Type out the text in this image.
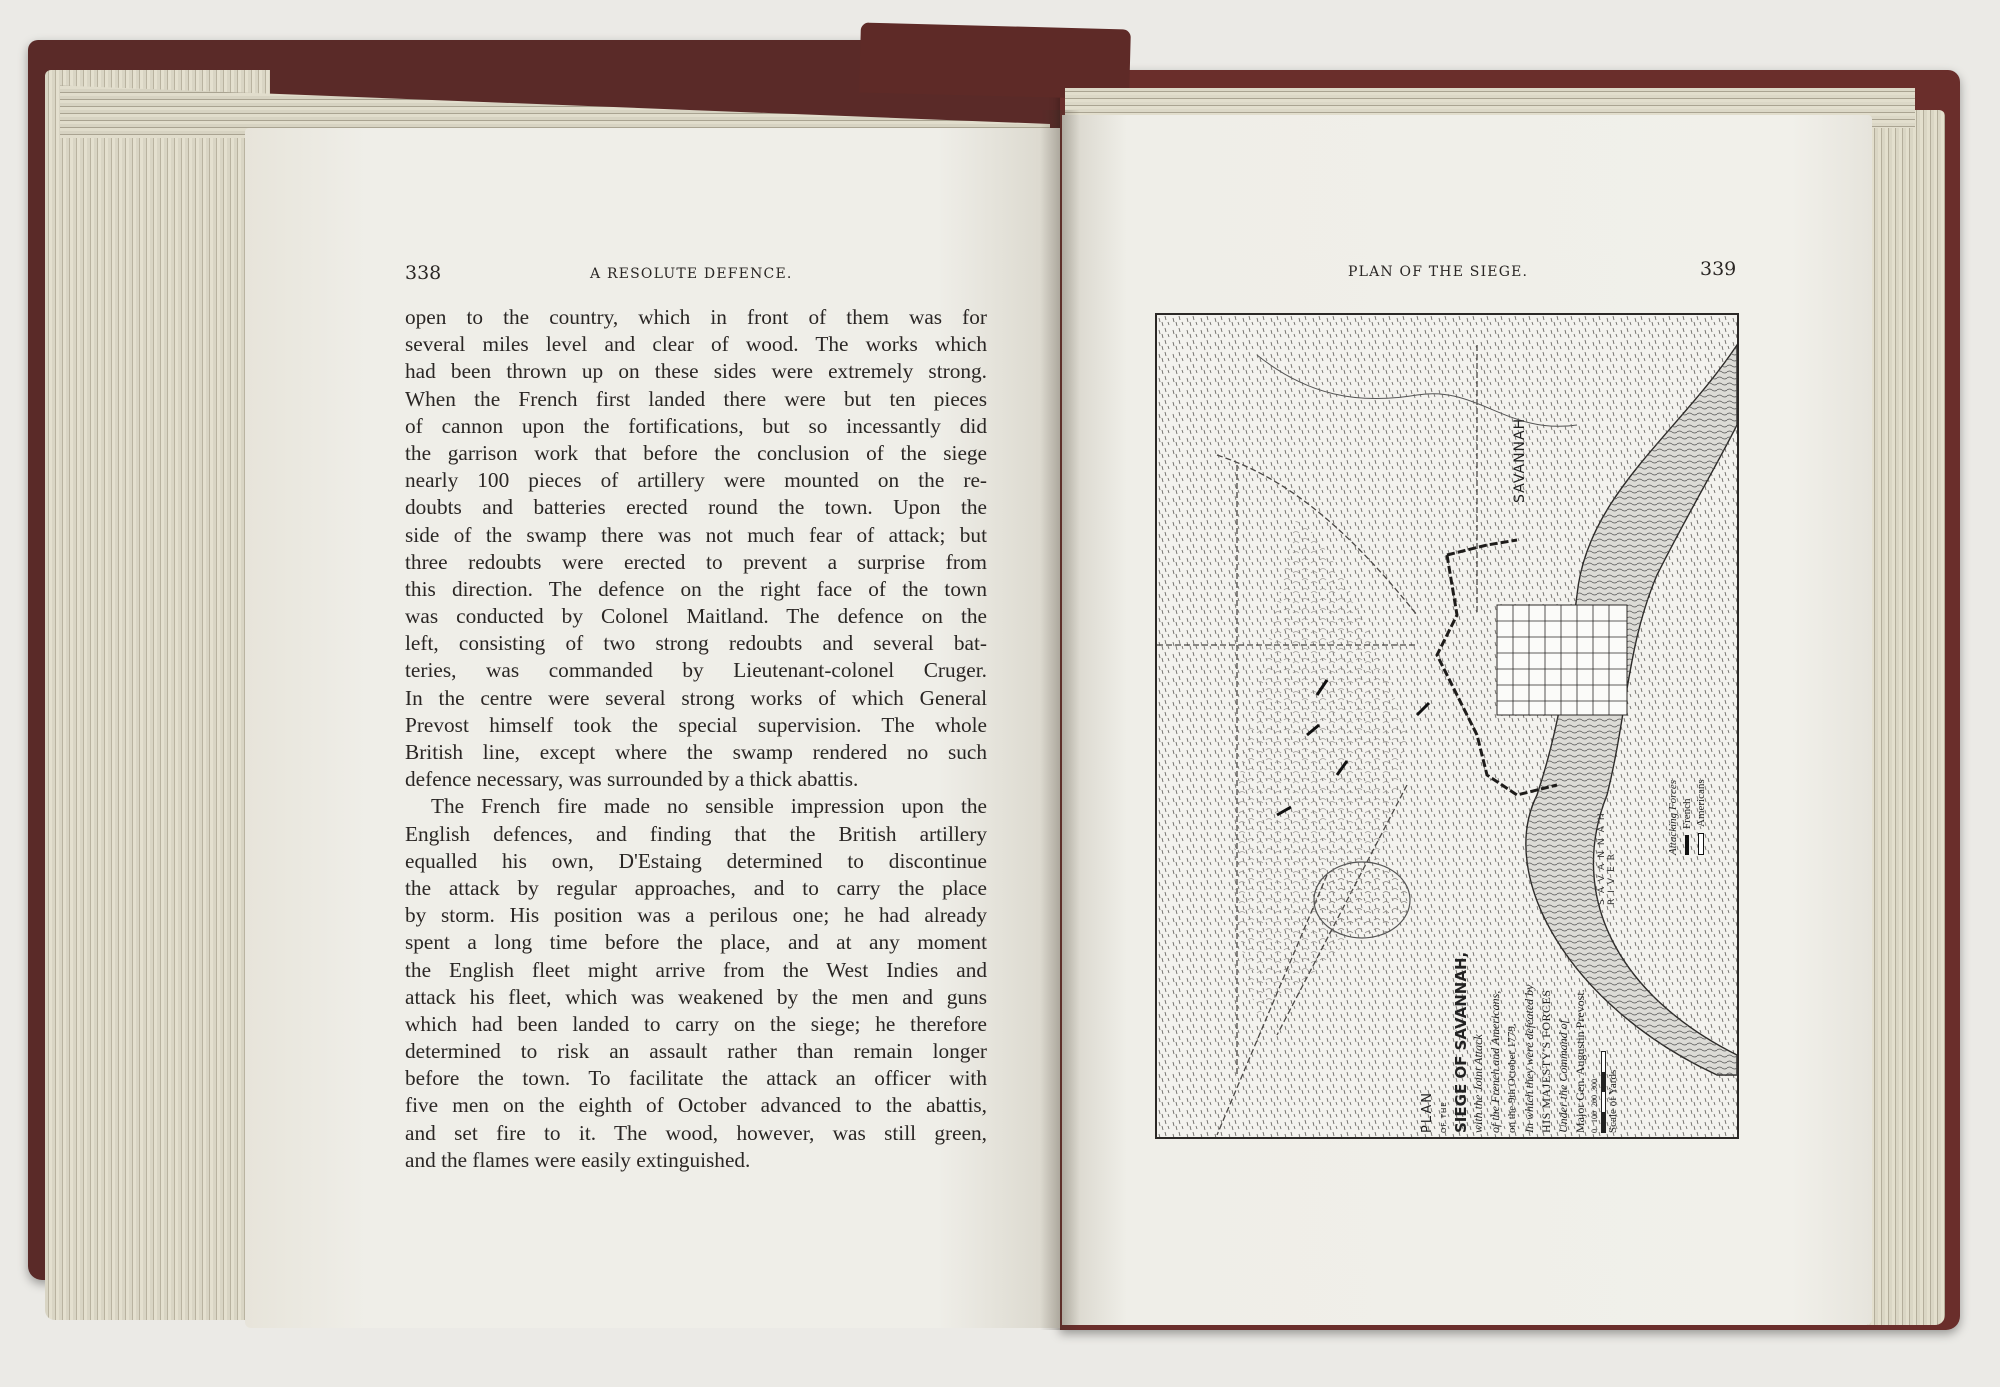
338	A RESOLUTE DEFENCE.
open to the country, which in front of them was for
several miles level and clear of wood. The works which
had been thrown up on these sides were extremely strong.
When the French first landed there were but ten pieces
of cannon upon the fortifications, but so incessantly did
the garrison work that before the conclusion of the siege
nearly 100 pieces of artillery were mounted on the re-
doubts and batteries erected round the town. Upon the
side of the swamp there was not much fear of attack; but
three redoubts were erected to prevent a surprise from
this direction. The defence on the right face of the town
was conducted by Colonel Maitland. The defence on the
left, consisting of two strong redoubts and several bat-
teries, was commanded by Lieutenant-colonel Cruger.
In the centre were several strong works of which General
Prevost himself took the special supervision. The whole
British line, except where the swamp rendered no such
defence necessary, was surrounded by a thick abattis.
The French fire made no sensible impression upon the
English defences, and finding that the British artillery
equalled his own, D'Estaing determined to discontinue
the attack by regular approaches, and to carry the place
by storm. His position was a perilous one; he had already
spent a long time before the place, and at any moment
the English fleet might arrive from the West Indies and
attack his fleet, which was weakened by the men and guns
which had been landed to carry on the siege; he therefore
determined to risk an assault rather than remain longer
before the town. To facilitate the attack an officer with
five men on the eighth of October advanced to the abattis,
and set fire to it. The wood, however, was still green,
and the flames were easily extinguished.
PLAN OF THE SIEGE.	339
SAVANNAH
SAVANNAH RIVER
PLAN OF THE SIEGE OF SAVANNAH, with the Joint Attack of the French and Americans, on the 9th October 1779. In which they were defeated by HIS MAJESTY'S FORCES Under the Command of Major Gen. Augustin Prevost. 0   100  200  300 Scale of Yards
Attacking Forces French Americans
